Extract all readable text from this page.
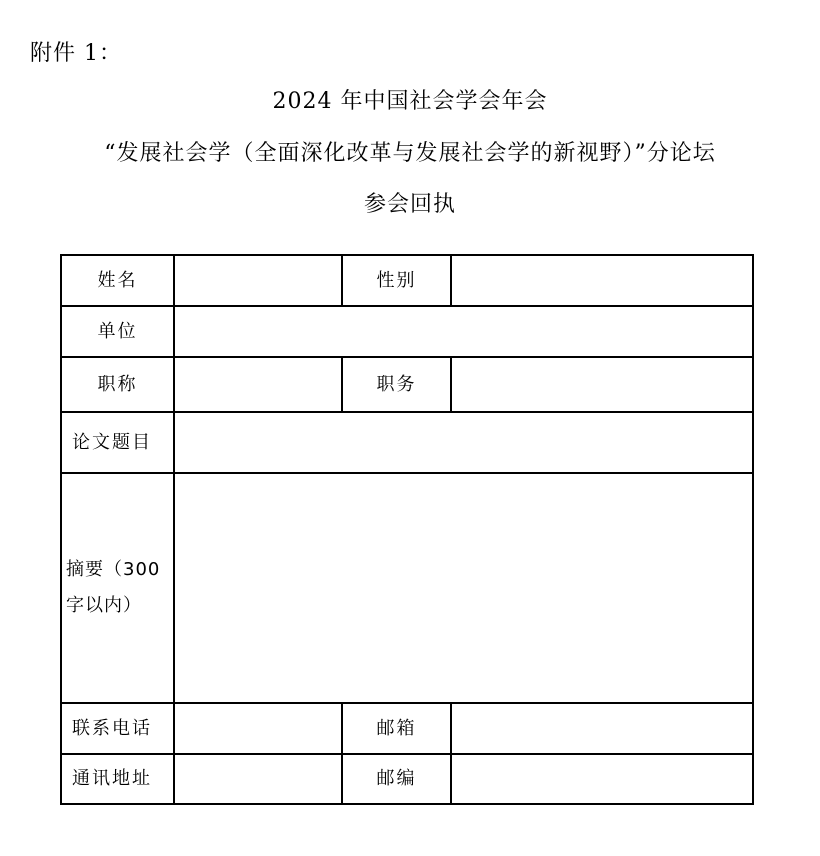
附件 1：
2024 年中国社会学会年会
“发展社会学（全面深化改革与发展社会学的新视野）”分论坛
参会回执
姓名		性别	
单位			
职称		职务	
论文题目			
摘要（300字以内）			
联系电话		邮箱	
通讯地址		邮编	
